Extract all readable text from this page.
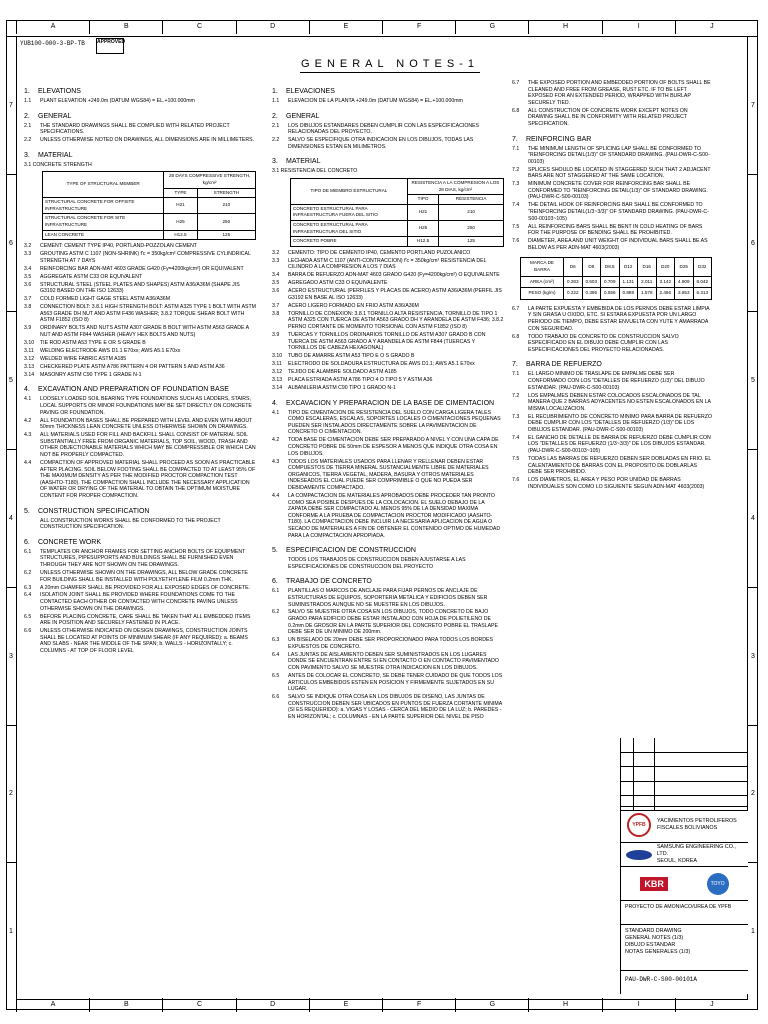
A	B	C	D	E	F	G	H	I	J
A	B	C	D	E	F	G	H	I	J
7
6
5
4
3
2
1
7
6
5
4
3
2
1
YUB100-000-3-BP-TB APPROVED
GENERAL NOTES-1
1. ELEVATIONS
1.1	PLANT ELEVATION +249.0m (DATUM WGS84) = EL.+100.000mm
2. GENERAL
2.1	THE STANDARD DRAWINGS SHALL BE COMPLIED WITH RELATED PROJECT SPECIFICATIONS.
2.2	UNLESS OTHERWISE NOTED ON DRAWINGS, ALL DIMENSIONS ARE IN MILLIMETERS.
3. MATERIAL
3.1 CONCRETE STRENGTH
TYPE OF STRUCTURAL MEMBER	28 DAYS COMPRESSIVE STRENGTH, kg/cm²	
	TYPE	STRENGTH
STRUCTURAL CONCRETE FOR OFFSITE INFRASTRUCTURE	H21	210
STRUCTURAL CONCRETE FOR SITE INFRASTRUCTURE	H25	250
LEAN CONCRETE	H12.5	125
3.2	CEMENT: CEMENT TYPE IP40, PORTLAND-POZZOLAN CEMENT
3.3	GROUTING ASTM C 1107 (NON-SHRINK) f'c = 350kg/cm² COMPRESSIVE CYLINDRICAL STRENGTH AT 7 DAYS
3.4	REINFORCING BAR ADN-MAT 4603 GRADE G420 (Fy=4200kg/cm²) OR EQUIVALENT
3.5	AGGREGATE ASTM C33 OR EQUIVALENT
3.6	STRUCTURAL STEEL (STEEL PLATES AND SHAPES) ASTM A36/A36M (SHAPE JIS G3192 BASED ON THE ISO 12633)
3.7	COLD FORMED LIGHT GAGE STEEL ASTM A36/A36M
3.8	CONNECTION BOLT: 3.8.1 HIGH STRENGTH BOLT: ASTM A325 TYPE 1 BOLT WITH ASTM A563 GRADE DH NUT AND ASTM F436 WASHER; 3.8.2 TORQUE SHEAR BOLT WITH ASTM F1852 (ISO 8)
3.9	ORDINARY BOLTS AND NUTS ASTM A307 GRADE B BOLT WITH ASTM A563 GRADE A NUT AND ASTM F844 WASHER (HEAVY HEX BOLTS AND NUTS)
3.10	TIE ROD ASTM A53 TYPE E OR S GRADE B
3.11	WELDING ELECTRODE AWS D1.1 E70xx; AWS A5.1 E70xx
3.12	WELDED WIRE FABRIC ASTM A185
3.13	CHECKERED PLATE ASTM A786 PATTERN 4 OR PATTERN 5 AND ASTM A36
3.14	MASONRY ASTM C90 TYPE 1 GRADE N-1
4. EXCAVATION AND PREPARATION OF FOUNDATION BASE
4.1	LOOSELY LOADED SOIL BEARING TYPE FOUNDATIONS SUCH AS LADDERS, STAIRS, LOCAL SUPPORTS OR MINOR FOUNDATIONS MAY BE SET DIRECTLY ON CONCRETE PAVING OR FOUNDATION.
4.2	ALL FOUNDATION BASES SHALL BE PREPARED WITH LEVEL AND EVEN WITH ABOUT 50mm THICKNESS LEAN CONCRETE UNLESS OTHERWISE SHOWN ON DRAWINGS.
4.3	ALL MATERIALS USED FOR FILL AND BACKFILL SHALL CONSIST OF MATERIAL SOIL SUBSTANTIALLY FREE FROM ORGANIC MATERIALS, TOP SOIL, WOOD, TRASH AND OTHER OBJECTIONABLE MATERIALS WHICH MAY BE COMPRESSIBLE OR WHICH CAN NOT BE PROPERLY COMPACTED.
4.4	COMPACTION OF APPROVED MATERIAL SHALL PROCEED AS SOON AS PRACTICABLE AFTER PLACING. SOIL BELOW FOOTING SHALL BE COMPACTED TO AT LEAST 95% OF THE MAXIMUM DENSITY AS PER THE MODIFIED PROCTOR COMPACTION TEST (AASHTO-T180). THE COMPACTION SHALL INCLUDE THE NECESSARY APPLICATION OF WATER OR DRYING OF THE MATERIAL TO OBTAIN THE OPTIMUM MOISTURE CONTENT FOR PROPER COMPACTION.
5. CONSTRUCTION SPECIFICATION
ALL CONSTRUCTION WORKS SHALL BE CONFORMED TO THE PROJECT CONSTRUCTION SPECIFICATION.
6. CONCRETE WORK
6.1	TEMPLATES OR ANCHOR FRAMES FOR SETTING ANCHOR BOLTS OF EQUIPMENT STRUCTURES, PIPESUPPORTS AND BUILDINGS SHALL BE FURNISHED EVEN THROUGH THEY ARE NOT SHOWN ON THE DRAWINGS.
6.2	UNLESS OTHERWISE SHOWN ON THE DRAWINGS, ALL BELOW GRADE CONCRETE FOR BUILDING SHALL BE INSTALLED WITH POLYETHYLENE FILM 0.2mm THK.
6.3	A 20mm CHAMFER SHALL BE PROVIDED FOR ALL EXPOSED EDGES OF CONCRETE.
6.4	ISOLATION JOINT SHALL BE PROVIDED WHERE FOUNDATIONS COME TO THE CONTACTED EACH OTHER OR CONTACTED WITH CONCRETE PAVING UNLESS OTHERWISE SHOWN ON THE DRAWINGS.
6.5	BEFORE PLACING CONCRETE, CARE SHALL BE TAKEN THAT ALL EMBEDDED ITEMS ARE IN POSITION AND SECURELY FASTENED IN PLACE.
6.6	UNLESS OTHERWISE INDICATED ON DESIGN DRAWINGS, CONSTRUCTION JOINTS SHALL BE LOCATED AT POINTS OF MINIMUM SHEAR (IF ANY REQUIRED): a. BEAMS AND SLABS - NEAR THE MIDDLE OF THE SPAN; b. WALLS - HORIZONTALLY; c. COLUMNS - AT TOP OF FLOOR LEVEL
1. ELEVACIONES
1.1	ELEVACION DE LA PLANTA +249.0m (DATUM WGS84) = EL.+100.000mm
2. GENERAL
2.1	LOS DIBUJOS ESTANDARES DEBEN CUMPLIR CON LAS ESPECIFICACIONES RELACIONADAS DEL PROYECTO.
2.2	SALVO SE ESPECIFIQUE OTRA INDICACION EN LOS DIBUJOS, TODAS LAS DIMENSIONES ESTAN EN MILIMETROS.
3. MATERIAL
3.1 RESISTENCIA DEL CONCRETO
TIPO DE MIEMBRO ESTRUCTURAL	RESISTENCIA A LA COMPRESION A LOS 28 DIAS, kg/cm²	
	TIPO	RESISTENCIA
CONCRETO ESTRUCTURAL PARA INFRAESTRUCTURA FUERA DEL SITIO	H21	210
CONCRETO ESTRUCTURAL PARA INFRAESTRUCTURA DEL SITIO	H25	250
CONCRETO POBRE	H12.5	125
3.2	CEMENTO: TIPO DE CEMENTO IP40, CEMENTO PORTLAND PUZOLANICO
3.3	LECHADA ASTM C 1107 (ANTI-CONTRACCION) f'c = 350kg/cm² RESISTENCIA DEL CILINDRO A LA COMPRESION A LOS 7 DIAS
3.4	BARRA DE REFUERZO ADN-MAT 4603 GRADO G420 (Fy=4200kg/cm²) O EQUIVALENTE
3.5	AGREGADO ASTM C33 O EQUIVALENTE
3.6	ACERO ESTRUCTURAL (PERFILES Y PLACAS DE ACERO) ASTM A36/A36M (PERFIL JIS G3192 EN BASE AL ISO 12633)
3.7	ACERO LIGERO FORMADO EN FRIO ASTM A36/A36M
3.8	TORNILLO DE CONEXION: 3.8.1 TORNILLO ALTA RESISTENCIA, TORNILLO DE TIPO 1 ASTM A325 CON TUERCA DE ASTM A563 GRADO DH Y ARANDELA DE ASTM F436; 3.8.2 PERNO CORTANTE DE MOMENTO TORSIONAL CON ASTM F1852 (ISO 8)
3.9	TUERCAS Y TORNILLOS ORDINARIOS TORNILLO DE ASTM A307 GRADO B CON TUERCA DE ASTM A563 GRADO A Y ARANDELA DE ASTM F844 (TUERCAS Y TORNILLOS DE CABEZA HEXAGONAL)
3.10	TUBO DE AMARRE ASTM A53 TIPO E O S GRADO B
3.11	ELECTRODO DE SOLDADURA ESTRUCTURA DE AWS D1.1; AWS A5.1 E70xx
3.12	TEJIDO DE ALAMBRE SOLDADO ASTM A185
3.13	PLACA ESTRIADA ASTM A786 TIPO 4 O TIPO 5 Y ASTM A36
3.14	ALBANILERIA ASTM C90 TIPO 1 GRADO N-1
4. EXCAVACION Y PREPARACION DE LA BASE DE CIMENTACION
4.1	TIPO DE CIMENTACION DE RESISTENCIA DEL SUELO CON CARGA LIGERA TALES COMO ESCALERAS, ESCALAS, SOPORTES LOCALES O CIMENTACIONES PEQUENAS PUEDEN SER INSTALADOS DIRECTAMENTE SOBRE LA PAVIMENTACION DE CONCRETO O CIMENTACION.
4.2	TODA BASE DE CIMENTACION DEBE SER PREPARADO A NIVEL Y CON UNA CAPA DE CONCRETO POBRE DE 50mm DE ESPESOR A MENOS QUE INDIQUE OTRA COSA EN LOS DIBUJOS.
4.3	TODOS LOS MATERIALES USADOS PARA LLENAR Y RELLENAR DEBEN ESTAR COMPUESTOS DE TIERRA MINERAL SUSTANCIALMENTE LIBRE DE MATERIALES ORGANICOS, TIERRA VEGETAL, MADERA, BASURA Y OTROS MATERIALES INDESEADOS EL CUAL PUEDE SER COMPRIMIBLE O QUE NO PUEDA SER DEBIDAMENTE COMPACTADO.
4.4	LA COMPACTACION DE MATERIALES APROBADOS DEBE PROCEDER TAN PRONTO COMO SEA POSIBLE DESPUES DE LA COLOCACION. EL SUELO DEBAJO DE LA ZAPATA DEBE SER COMPACTADO AL MENOS 95% DE LA DENSIDAD MAXIMA CONFORME A LA PRUEBA DE COMPACTACION PROCTOR MODIFICADO (AASHTO-T180). LA COMPACTACION DEBE INCLUIR LA NECESARIA APLICACION DE AGUA O SECADO DE MATERIALES A FIN DE OBTENER EL CONTENIDO OPTIMO DE HUMEDAD PARA LA COMPACTACION APROPIADA.
5. ESPECIFICACION DE CONSTRUCCION
TODOS LOS TRABAJOS DE CONSTRUCCION DEBEN AJUSTARSE A LAS ESPECIFICACIONES DE CONSTRUCCION DEL PROYECTO
6. TRABAJO DE CONCRETO
6.1	PLANTILLAS O MARCOS DE ANCLAJE PARA FIJAR PERNOS DE ANCLAJE DE ESTRUCTURAS DE EQUIPOS, SOPORTERIA METALICA Y EDIFICIOS DEBEN SER SUMINISTRADOS AUNQUE NO SE MUESTRE EN LOS DIBUJOS.
6.2	SALVO SE MUESTRE OTRA COSA EN LOS DIBUJOS, TODO CONCRETO DE BAJO GRADO PARA EDIFICIO DEBE ESTAR INSTALADO CON HOJA DE POLIETILENO DE 0.2mm DE GROSOR EN LA PARTE SUPERIOR DEL CONCRETO POBRE EL TRASLAPE DEBE SER DE UN MINIMO DE 200mm.
6.3	UN BISELADO DE 20mm DEBE SER PROPORCIONADO PARA TODOS LOS BORDES EXPUESTOS DE CONCRETO.
6.4	LAS JUNTAS DE AISLAMIENTO DEBEN SER SUMINISTRADOS EN LOS LUGARES DONDE SE ENCUENTRAN ENTRE SI EN CONTACTO O EN CONTACTO PAVIMENTADO CON PAVIMENTO SALVO SE MUESTRE OTRA INDICACION EN LOS DIBUJOS.
6.5	ANTES DE COLOCAR EL CONCRETO, SE DEBE TENER CUIDADO DE QUE TODOS LOS ARTICULOS EMBEBIDOS ESTEN EN POSICION Y FIRMEMENTE SUJETADOS EN SU LUGAR.
6.6	SALVO SE INDIQUE OTRA COSA EN LOS DIBUJOS DE DISENO, LAS JUNTAS DE CONSTRUCCION DEBEN SER UBICADOS EN PUNTOS DE FUERZA CORTANTE MINIMA (SI ES REQUERIDO): a. VIGAS Y LOSAS - CERCA DEL MEDIO DE LA LUZ; b. PAREDES - EN HORIZONTAL; c. COLUMNAS - EN LA PARTE SUPERIOR DEL NIVEL DE PISO
6.7	THE EXPOSED PORTION AND EMBEDDED PORTION OF BOLTS SHALL BE CLEANED AND FREE FROM GREASE, RUST ETC. IF TO BE LEFT EXPOSED FOR AN EXTENDED PERIOD, WRAPPED WITH BURLAP SECURELY TIED.
6.8	ALL CONSTRUCTION OF CONCRETE WORK EXCEPT NOTES ON DRAWING SHALL BE IN CONFORMITY WITH RELATED PROJECT SPECIFICATION.
7. REINFORCING BAR
7.1	THE MINIMUM LENGTH OF SPLICING LAP SHALL BE CONFORMED TO "REINFORCING DETAIL(1/3)" OF STANDARD DRAWING. (PAU-DWR-C-S00-00103)
7.2	SPLICES SHOULD BE LOCATED IN STAGGERED SUCH THAT 2 ADJACENT BARS ARE NOT STAGGERED AT THE SAME LOCATION.
7.3	MINIMUM CONCRETE COVER FOR REINFORCING BAR SHALL BE CONFORMED TO "REINFORCING DETAIL(1/3)" OF STANDARD DRAWING. (PAU-DWR-C-S00-00103)
7.4	THE DETAIL HOOK OF REINFORCING BAR SHALL BE CONFORMED TO "REINFORCING DETAIL(1/3~3/3)" OF STANDARD DRAWING. (PAU-DWR-C-S00-00103~105)
7.5	ALL REINFORCING BARS SHALL BE BENT IN COLD HEATING OF BARS FOR THE PURPOSE OF BENDING SHALL BE PROHIBITED.
7.6	DIAMETER, AREA AND UNIT WEIGHT OF INDIVIDUAL BARS SHALL BE AS BELOW AS PER ADN-MAT 4603(2003)
MARCA DE BARRA	D6	D8	D8.5	D12	D16	D20	D25	D32
AREA (cm²)	0.283	0.503	0.709	1.131	2.011	3.142	4.909	8.042
PESO (kg/m)	0.222	0.395	0.556	0.888	1.578	2.466	3.853	6.313
6.7	LA PARTE EXPUESTA Y EMBEBIDA DE LOS PERNOS DEBE ESTAR LIMPIA Y SIN GRASA U OXIDO, ETC. SI ESTARA EXPUESTA POR UN LARGO PERIODO DE TIEMPO, DEBE ESTAR ENVUELTA CON YUTE Y AMARRADA CON SEGURIDAD.
6.8	TODO TRABAJO DE CONCRETO DE CONSTRUCCION SALVO ESPECIFICADO EN EL DIBUJO DEBE CUMPLIR CON LAS ESPECIFICACIONES DEL PROYECTO RELACIONADAS.
7. BARRA DE REFUERZO
7.1	EL LARGO MINIMO DE TRASLAPE DE EMPALME DEBE SER CONFORMADO CON LOS "DETALLES DE REFUERZO (1/3)" DEL DIBUJO ESTANDAR. (PAU-DWR-C-S00-00103)
7.2	LOS EMPALMES DEBEN ESTAR COLOCADOS ESCALONADOS DE TAL MANERA QUE 2 BARRAS ADYACENTES NO ESTEN ESCALONADOS EN LA MISMA LOCALIZACION.
7.3	EL RECUBRIMIENTO DE CONCRETO MINIMO PARA BARRA DE REFUERZO DEBE CUMPLIR CON LOS "DETALLES DE REFUERZO (1/3)" DE LOS DIBUJOS ESTANDAR. (PAU-DWR-C-S00-00103)
7.4	EL GANCHO DE DETALLE DE BARRA DE REFUERZO DEBE CUMPLIR CON LOS "DETALLES DE REFUERZO (1/3~3/3)" DE LOS DIBUJOS ESTANDAR. (PAU-DWR-C-S00-00103~105)
7.5	TODAS LAS BARRAS DE REFUERZO DEBEN SER DOBLADAS EN FRIO. EL CALENTAMIENTO DE BARRAS CON EL PROPOSITO DE DOBLARLAS DEBE SER PROHIBIDO.
7.6	LOS DIAMETROS, EL AREA Y PESO POR UNIDAD DE BARRAS INDIVIDUALES SON COMO LO SIGUIENTE SEGUN ADN-MAT 4603(2003)
YPFB
YACIMIENTOS PETROLIFEROS
FISCALES BOLIVIANOS
SAMSUNG ENGINEERING CO., LTD.
SEOUL, KOREA
KBR	TOYO
PROYECTO DE AMONIACO/UREA DE YPFB
STANDARD DRAWING
GENERAL NOTES (1/3)
DIBUJO ESTANDAR
NOTAS GENERALES (1/3)
PAU-DWR-C-S00-00101A
